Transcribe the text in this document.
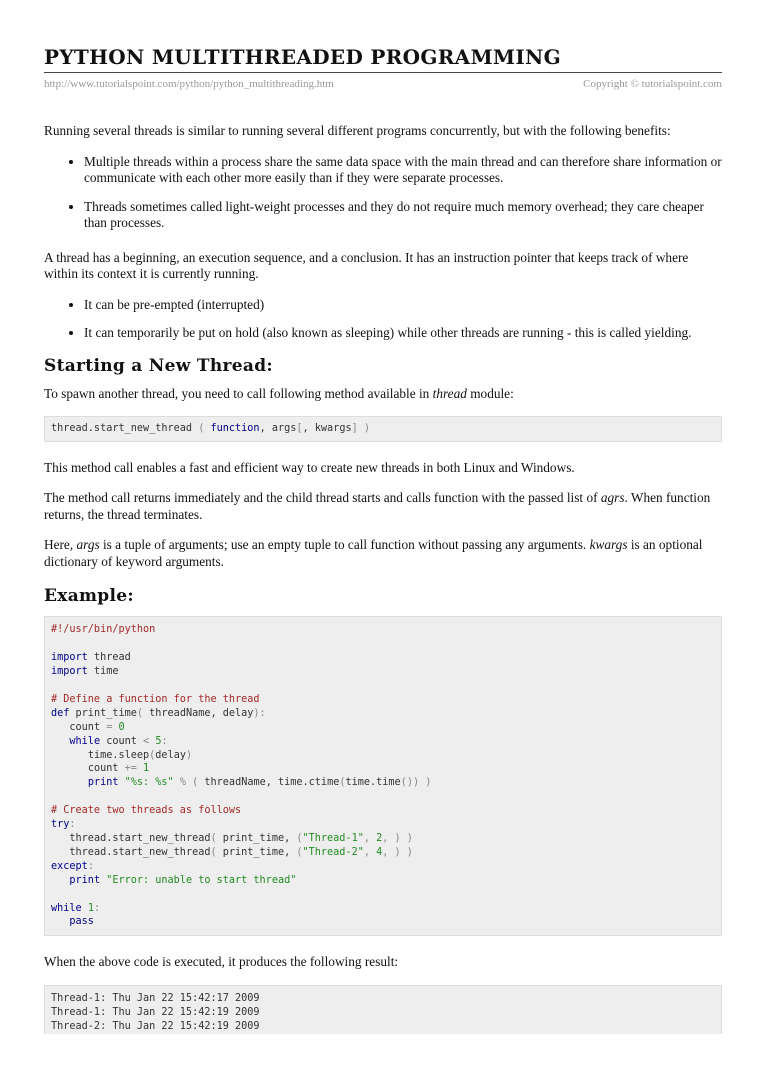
PYTHON MULTITHREADED PROGRAMMING
http://www.tutorialspoint.com/python/python_multithreading.htm	Copyright © tutorialspoint.com

Running several threads is similar to running several different programs concurrently, but with the following benefits:

• Multiple threads within a process share the same data space with the main thread and can therefore share information or communicate with each other more easily than if they were separate processes.
• Threads sometimes called light-weight processes and they do not require much memory overhead; they care cheaper than processes.

A thread has a beginning, an execution sequence, and a conclusion. It has an instruction pointer that keeps track of where within its context it is currently running.

• It can be pre-empted (interrupted)
• It can temporarily be put on hold (also known as sleeping) while other threads are running - this is called yielding.
Starting a New Thread:

To spawn another thread, you need to call following method available in thread module:

thread.start_new_thread ( function, args[, kwargs] )

This method call enables a fast and efficient way to create new threads in both Linux and Windows.

The method call returns immediately and the child thread starts and calls function with the passed list of agrs. When function returns, the thread terminates.

Here, args is a tuple of arguments; use an empty tuple to call function without passing any arguments. kwargs is an optional dictionary of keyword arguments.

Example:
#!/usr/bin/python

import thread
import time

# Define a function for the thread
def print_time( threadName, delay):
count = 0
while count < 5:
time.sleep(delay)
count += 1
print "%s: %s" % ( threadName, time.ctime(time.time()) )

# Create two threads as follows
try:
thread.start_new_thread( print_time, ("Thread-1", 2, ) )
thread.start_new_thread( print_time, ("Thread-2", 4, ) )
except:
print "Error: unable to start thread"

while 1:
pass

When the above code is executed, it produces the following result:

Thread-1: Thu Jan 22 15:42:17 2009
Thread-1: Thu Jan 22 15:42:19 2009
Thread-2: Thu Jan 22 15:42:19 2009
